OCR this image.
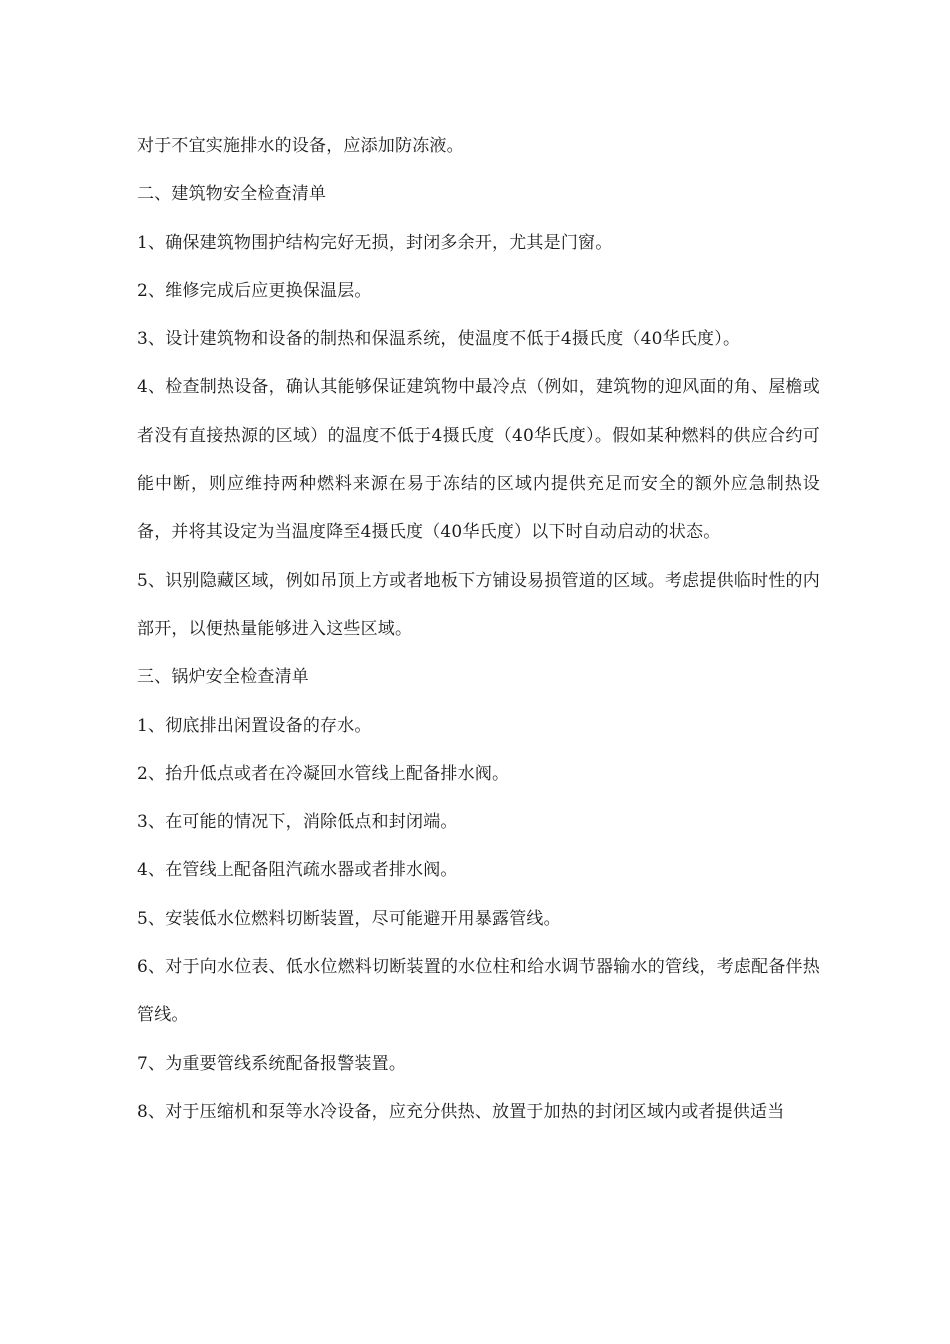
对于不宜实施排水的设备，应添加防冻液。

二、建筑物安全检查清单

1、确保建筑物围护结构完好无损，封闭多余开，尤其是门窗。

2、维修完成后应更换保温层。

3、设计建筑物和设备的制热和保温系统，使温度不低于4摄氏度（40华氏度）。

4、检查制热设备，确认其能够保证建筑物中最冷点（例如，建筑物的迎风面的角、屋檐或者没有直接热源的区域）的温度不低于4摄氏度（40华氏度）。假如某种燃料的供应合约可能中断，则应维持两种燃料来源在易于冻结的区域内提供充足而安全的额外应急制热设备，并将其设定为当温度降至4摄氏度（40华氏度）以下时自动启动的状态。

5、识别隐藏区域，例如吊顶上方或者地板下方铺设易损管道的区域。考虑提供临时性的内部开，以便热量能够进入这些区域。

三、锅炉安全检查清单

1、彻底排出闲置设备的存水。

2、抬升低点或者在冷凝回水管线上配备排水阀。

3、在可能的情况下，消除低点和封闭端。

4、在管线上配备阻汽疏水器或者排水阀。

5、安装低水位燃料切断装置，尽可能避开用暴露管线。

6、对于向水位表、低水位燃料切断装置的水位柱和给水调节器输水的管线，考虑配备伴热管线。

7、为重要管线系统配备报警装置。

8、对于压缩机和泵等水冷设备，应充分供热、放置于加热的封闭区域内或者提供适当
